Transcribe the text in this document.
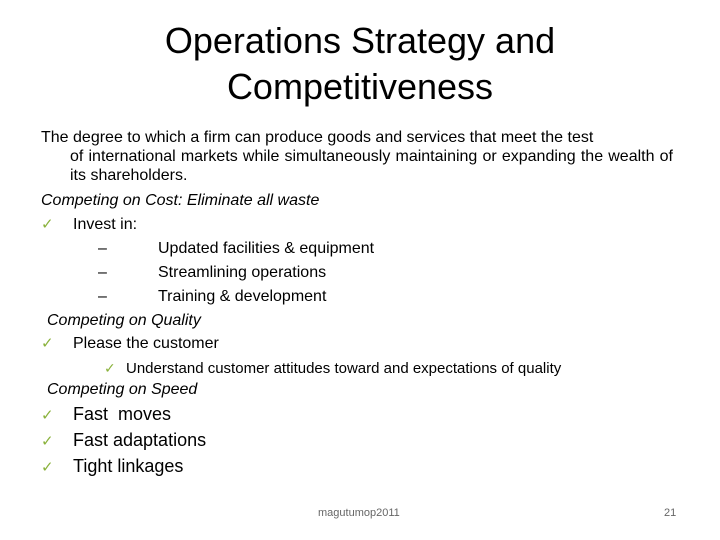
Operations Strategy and
Competitiveness
The degree to which a firm can produce goods and services that meet the test
of international markets while simultaneously maintaining or expanding the wealth of its shareholders.
Competing on Cost: Eliminate all waste
✓ Invest in:
–	Updated facilities & equipment
–	Streamlining operations
–	Training & development
Competing on Quality
✓ Please the customer
✓ Understand customer attitudes toward and expectations of quality
Competing on Speed
✓ Fast  moves
✓ Fast adaptations
✓ Tight linkages
magutumop2011	21
